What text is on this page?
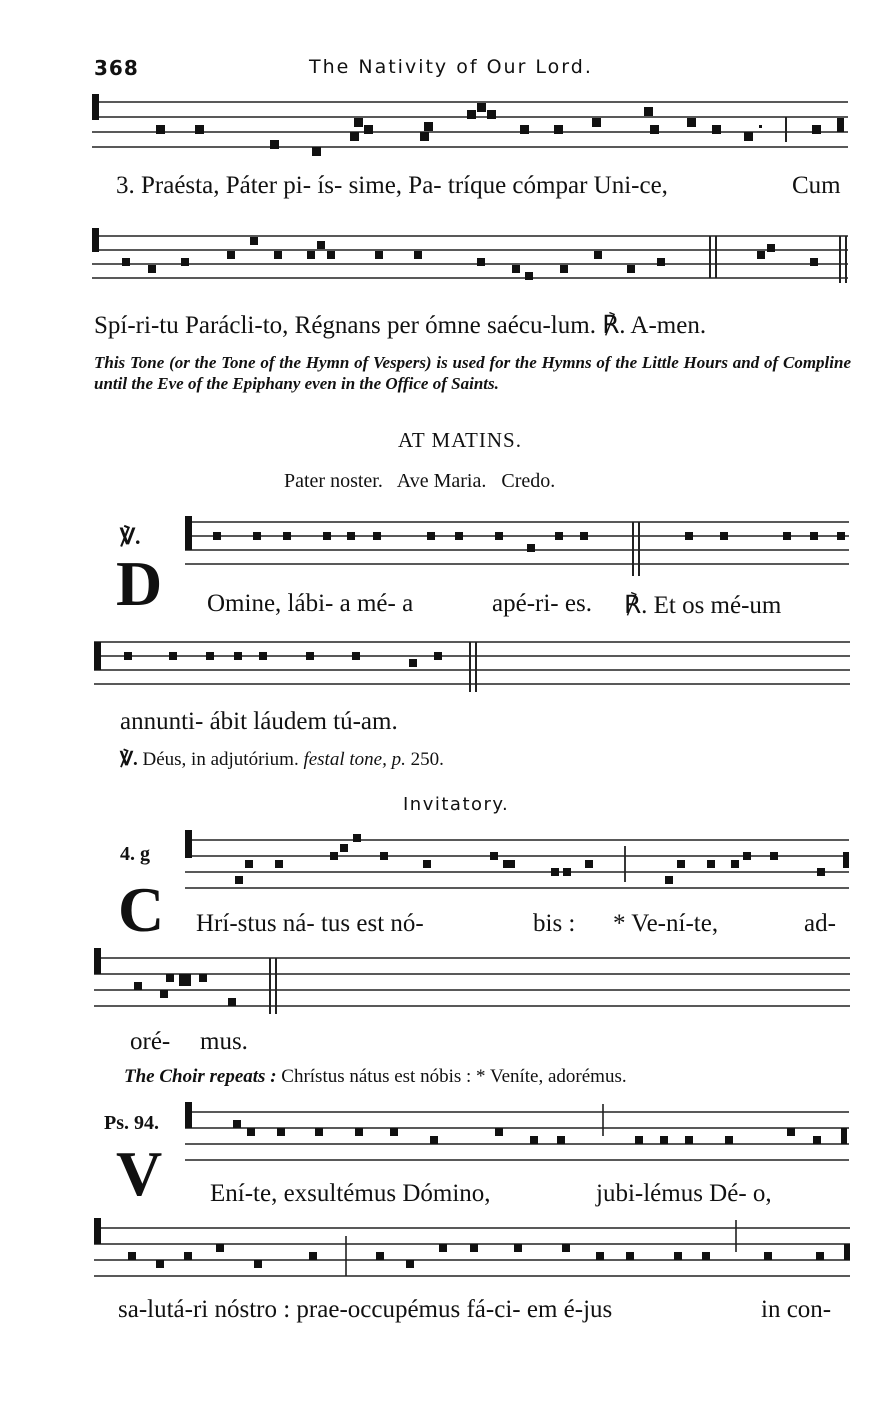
368	The Nativity of Our Lord.
3. Praésta, Páter pi- ís- sime, Pa- tríque cómpar Uni-ce,	Cum
Spí-ri-tu Parácli-to, Régnans per ómne saécu-lum. ℟. A-men.
This Tone (or the Tone of the Hymn of Vespers) is used for the Hymns of the Little Hours and of Compline until the Eve of the Epiphany even in the Office of Saints.
AT MATINS.
Pater noster.   Ave Maria.   Credo.
℣.
D Omine, lábi- a mé- a	apé-ri- es. ℟. Et os mé-um
annunti- ábit láudem tú-am.
℣. Déus, in adjutórium. festal tone, p. 250.
Invitatory.
4. g
C Hrí-stus ná- tus est nó-	bis : * Ve-ní-te,	ad-
oré- mus.
The Choir repeats : Chrístus nátus est nóbis : * Veníte, adorémus.
Ps. 94.
V Ení-te, exsultémus Dómino,	jubi-lémus Dé- o,
sa-lutá-ri nóstro : prae-occupémus fá-ci- em é-jus	in con-
